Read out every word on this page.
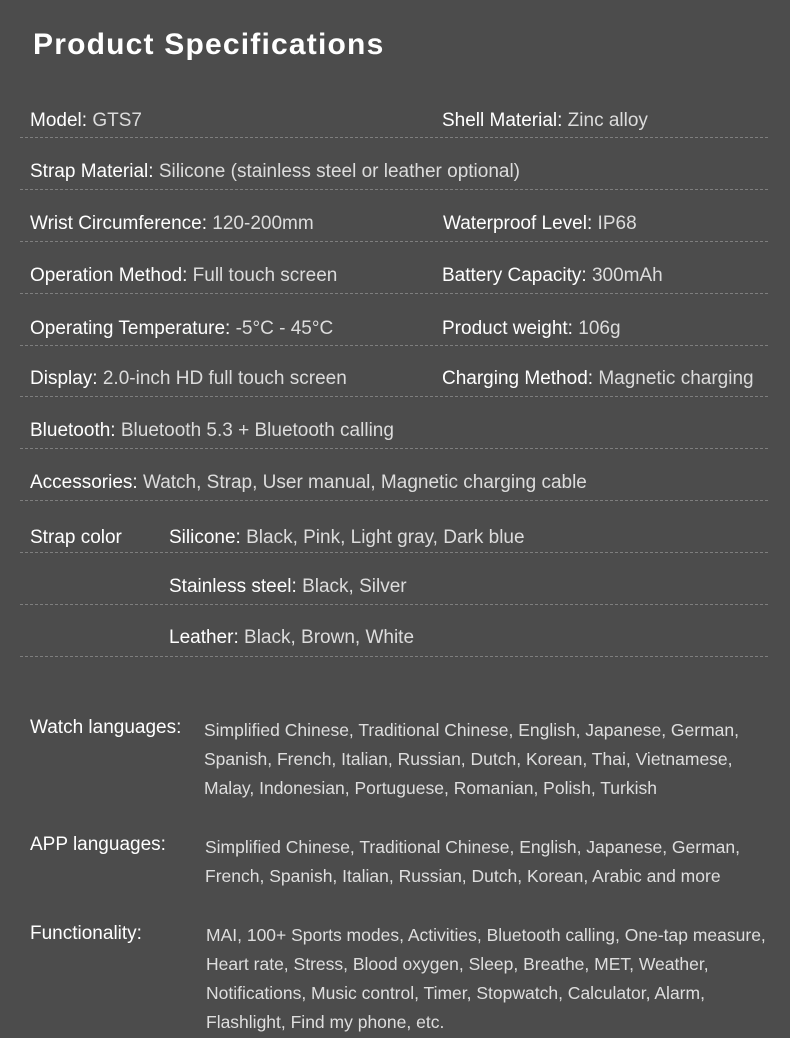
Product Specifications
Model: GTS7	Shell Material: Zinc alloy
Strap Material: Silicone (stainless steel or leather optional)
Wrist Circumference: 120-200mm	Waterproof Level: IP68
Operation Method: Full touch screen	Battery Capacity: 300mAh
Operating Temperature: -5°C - 45°C	Product weight: 106g
Display: 2.0-inch HD full touch screen	Charging Method: Magnetic charging
Bluetooth: Bluetooth 5.3 + Bluetooth calling
Accessories: Watch, Strap, User manual, Magnetic charging cable
Strap color Silicone: Black, Pink, Light gray, Dark blue
Stainless steel: Black, Silver
Leather: Black, Brown, White
Watch languages: Simplified Chinese, Traditional Chinese, English, Japanese, German,
Spanish, French, Italian, Russian, Dutch, Korean, Thai, Vietnamese,
Malay, Indonesian, Portuguese, Romanian, Polish, Turkish
APP languages: Simplified Chinese, Traditional Chinese, English, Japanese, German,
French, Spanish, Italian, Russian, Dutch, Korean, Arabic and more
Functionality:	MAI, 100+ Sports modes, Activities, Bluetooth calling, One-tap measure,
Heart rate, Stress, Blood oxygen, Sleep, Breathe, MET, Weather,
Notifications, Music control, Timer, Stopwatch, Calculator, Alarm,
Flashlight, Find my phone, etc.
